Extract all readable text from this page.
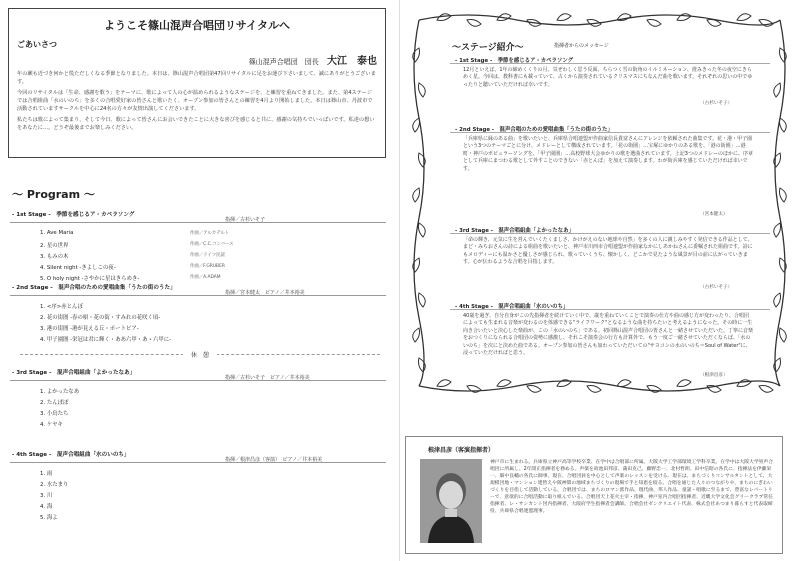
ようこそ篠山混声合唱団リサイタルへ
ごあいさつ
篠山混声合唱団　団長 大江　泰也

年の瀬も近づき何かと慌ただしくなる季節となりました。本日は、篠山混声合唱団第47回リサイタルに足をお運び下さいまして、誠にありがとうございます。

今回のリサイタルは「生命、感謝を歌う」をテーマに、歌によって人の心が温められるようなステージを、と練習を重ねてきました。また、第4ステージでは合唱組曲「水のいのち」を多くの合唱愛好家の皆さんと歌いたく、オープン参加の皆さんとの練習を4月より開始しました。本日は篠山市、丹波市で活動されていますサークルを中心に24名の方々が友情出演してくださいます。

私たちは歌によって集まり、そして今日、歌によって皆さんにお会いできたことに大きな喜びを感じると共に、感謝の気持ちでいっぱいです。私達の想いをあなたに…。どうぞ最後までお楽しみください。

～ Program ～
- 1st Stage -　季節を感じるア・カペラソング
指揮／古杉いそ子
1. Ave Maria	作曲／アルカデルト
2. 星の世界	作曲／C.C.コンバース
3. もみの木	作曲／ドイツ民謡
4. Silent night -きよしこの夜-	作曲／F.GRUBER
5. O holy night -さやかに星はきらめき-	作曲／A.ADAM
- 2nd Stage -　混声合唱のための愛唱曲集「うたの街のうた」
指揮／宮本健太　ピアノ／井本裕美
1. <序>赤とんぼ
2. 花の街圏 -春の唄・花の街・すみれの花咲く頃-
3. 港の街圏 -港が見える丘・ポートピア-
4. 甲子園圏 -栄冠は君に輝く・ああ六甲・あゝ六甲に-
休　憩
- 3rd Stage -　混声合唱組曲「よかったなあ」
指揮／古杉いそ子　ピアノ／井本裕美
1. よかったなあ
2. たんぽぽ
3. 小鳥たち
4. ケヤキ
- 4th Stage -　混声合唱組曲「水のいのち」
指揮／根津昌彦（客演）　ピアノ／井本裕美
1. 雨
2. 水たまり
3. 川
4. 海
5. 海よ
～ステージ紹介～	指揮者からのメッセージ
- 1st Stage -　季節を感じるア・カペラソング
12月といえば、1年の締めくくりの月。気ぜわしく思う反面、ちらつく雪の街角のイルミネーション、澄みきった冬の夜空にきらめく星。今回は、教科書にも載っていて、古くから演奏されているクリスマスにちなんだ曲を歌います。それぞれの思いの中でゆったりと聴いていただければ幸いです。
（古杉いそ子）
- 2nd Stage -　混声合唱のための愛唱曲集「うたの街のうた」
「兵庫県に縁のある曲」を歌いたいと、兵庫県合唱連盟が作曲家信長貴富さんにアレンジを依頼された曲集です。花・港・甲子園という3つのテーマごとに分け、メドレーとして構成されています。「花の街圏」…宝塚にゆかりのある歌を、「港の街圏」…港町・神戸のポピュラーソングを、「甲子園圏」…高校野球大会ゆかりの歌を選曲されています。上記3つのメドレーのほかに、序章として兵庫にまつわる歌として外すことのできない「赤とんぼ」を加えて演奏します。わが街兵庫を感じていただければ幸いです。
（宮本健太）
- 3rd Stage -　混声合唱組曲「よかったなあ」
「命の輝き、元気に生を営んでいくたくましさ、かけがえのない地球や自然」を多くの人に親しみやすく発信できる作品として、まど・みちおさんの詩による組曲を歌いたいと、神戸市川西市合唱連盟が作曲家なかにしあかねさんに委嘱された組曲です。詩にもメロディーにも温かさと優しさが感じられ、歌っていくうち、懐かしく、どこかで見たような風景が目の前に広がっていきます。心が伝わるような合唱を目指します。
（古杉いそ子）
- 4th Stage -　混声合唱組曲「水のいのち」
40歳を過ぎ、自分自身がこの先指揮者を続けていく中で、歳を重ねていくことで演奏の仕方や曲の感じ方が変わったり、合唱団によっても生まれる音楽が変わるのを体感できる"ライフワーク"となるような曲を持ちたいと考えるようになった。その時に一生向き合いたいと決心した楽曲が、この「水のいのち」である。初回篠山混声合唱団の皆さんと一緒させていただいた。丁寧に音楽をおつくりになられる合唱団の姿勢に感激し、それこそ演奏会の行方も計算外で、もう一度ご一緒させていただくならば、「水のいのち」を次にと決めた曲である。オープン参加の皆さんも加わっていただいての"サヨコンの水のいのち＝Soul of Water"に、浸っていただければと思う。
（根津昌彦）
根津昌彦（客演指揮者）
神戸市に生まれる。兵庫県立神戸高等学校卒業、在学中は合唱部に所属。大阪大学工学部環境工学科卒業。在学中は大阪大学男声合唱団に所属し、2年間正指揮者を務める。声楽を故池田邦彦、蒲田克己、藤野忠一、北村哲朗、田中信昭の各氏に、指揮法を伊藤栄一、畑中良輔の各氏に師事。現在、合唱団員を中心として声楽のレッスンを受ける。現在は、まちづくりコンサルタントとして、大規模団地・マンション建替えや阪神間の地域まちづくりの現場で手と知恵を絞る。合唱を通じた人々のつながりや、まちのにぎわいづくりを目指して活動している。合唱団では、まちのロマン派作品、現代曲、邦人作品、童謡・唱歌に至るまで、豊富なレパートリーで、意欲的に合唱活動に取り組んでいる。合唱団天上花火主宰・指揮、神戸室内合唱団指揮者、近畿大学文化会グリークラブ常任指揮者、レ・サシカント団内指揮者、大阪府学生指揮者会講師。合唱会社ゼンクリエイト代表、株式会社あつまり暮らすと代表取締役、兵庫県合唱連盟理事。
